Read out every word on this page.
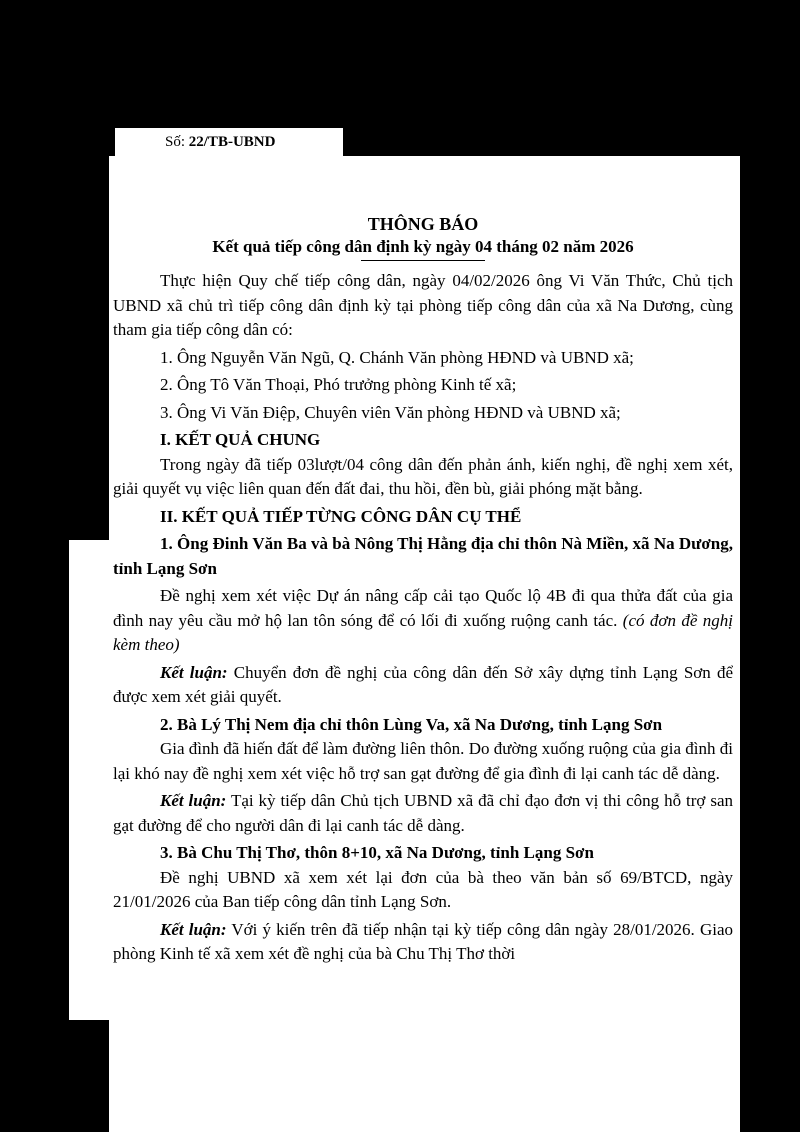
Số: 22/TB-UBND
THÔNG BÁO
Kết quả tiếp công dân định kỳ ngày 04 tháng 02 năm 2026

Thực hiện Quy chế tiếp công dân, ngày 04/02/2026 ông Vi Văn Thức, Chủ tịch UBND xã chủ trì tiếp công dân định kỳ tại phòng tiếp công dân của xã Na Dương, cùng tham gia tiếp công dân có:

1. Ông Nguyễn Văn Ngũ, Q. Chánh Văn phòng HĐND và UBND xã;

2. Ông Tô Văn Thoại, Phó trưởng phòng Kinh tế xã;

3. Ông Vi Văn Điệp, Chuyên viên Văn phòng HĐND và UBND xã;

I. KẾT QUẢ CHUNG

Trong ngày đã tiếp 03lượt/04 công dân đến phản ánh, kiến nghị, đề nghị xem xét, giải quyết vụ việc liên quan đến đất đai, thu hồi, đền bù, giải phóng mặt bằng.

II. KẾT QUẢ TIẾP TỪNG CÔNG DÂN CỤ THỂ

1. Ông Đinh Văn Ba và bà Nông Thị Hằng địa chỉ thôn Nà Miền, xã Na Dương, tỉnh Lạng Sơn

Đề nghị xem xét việc Dự án nâng cấp cải tạo Quốc lộ 4B đi qua thửa đất của gia đình nay yêu cầu mở hộ lan tôn sóng để có lối đi xuống ruộng canh tác. (có đơn đề nghị kèm theo)

Kết luận: Chuyển đơn đề nghị của công dân đến Sở xây dựng tỉnh Lạng Sơn để được xem xét giải quyết.

2. Bà Lý Thị Nem địa chỉ thôn Lùng Va, xã Na Dương, tỉnh Lạng Sơn

Gia đình đã hiến đất để làm đường liên thôn. Do đường xuống ruộng của gia đình đi lại khó nay đề nghị xem xét việc hỗ trợ san gạt đường để gia đình đi lại canh tác dễ dàng.

Kết luận: Tại kỳ tiếp dân Chủ tịch UBND xã đã chỉ đạo đơn vị thi công hỗ trợ san gạt đường để cho người dân đi lại canh tác dễ dàng.

3. Bà Chu Thị Thơ, thôn 8+10, xã Na Dương, tỉnh Lạng Sơn

Đề nghị UBND xã xem xét lại đơn của bà theo văn bản số 69/BTCD, ngày 21/01/2026 của Ban tiếp công dân tỉnh Lạng Sơn.

Kết luận: Với ý kiến trên đã tiếp nhận tại kỳ tiếp công dân ngày 28/01/2026. Giao phòng Kinh tế xã xem xét đề nghị của bà Chu Thị Thơ thời
